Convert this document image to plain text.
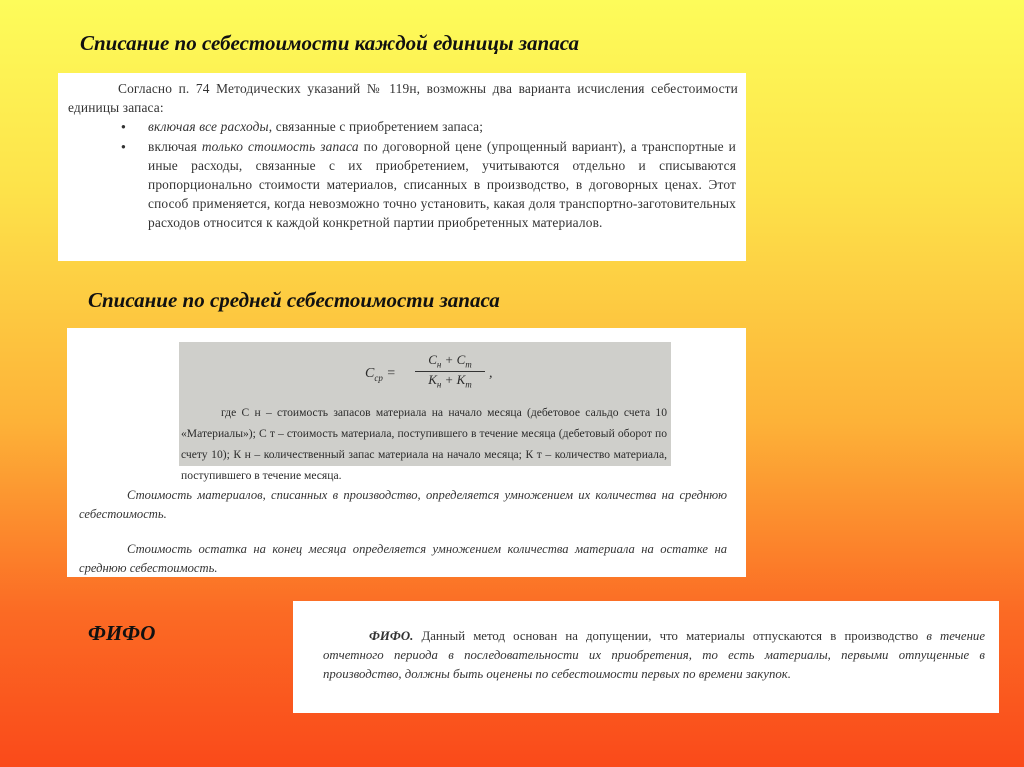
Списание по себестоимости каждой единицы запаса

Согласно п. 74 Методических указаний № 119н, возможны два варианта исчисления себестоимости единицы запаса:

● включая все расходы, связанные с приобретением запаса;
● включая только стоимость запаса по договорной цене (упрощенный вариант), а транспортные и иные расходы, связанные с их приобретением, учитываются отдельно и списываются пропорционально стоимости материалов, списанных в производство, в договорных ценах. Этот способ применяется, когда невозможно точно установить, какая доля транспортно-заготовительных расходов относится к каждой конкретной партии приобретенных материалов.
Списание по средней себестоимости запаса
$С_{ср}$ =
$С_н + С_т$
$К_н + К_т$
,
где С н – стоимость запасов материала на начало месяца (дебетовое сальдо счета 10 «Материалы»); С т – стоимость материала, поступившего в течение месяца (дебетовый оборот по счету 10); К н – количественный запас материала на начало месяца; К т – количество материала, поступившего в течение месяца.
Стоимость материалов, списанных в производство, определяется умножением их количества на среднюю себестоимость.
Стоимость остатка на конец месяца определяется умножением количества материала на остатке на среднюю себестоимость.
ФИФО	ФИФО. Данный метод основан на допущении, что материалы отпускаются в производство в течение отчетного периода в последовательности их приобретения, то есть материалы, первыми отпущенные в производство, должны быть оценены по себестоимости первых по времени закупок.
